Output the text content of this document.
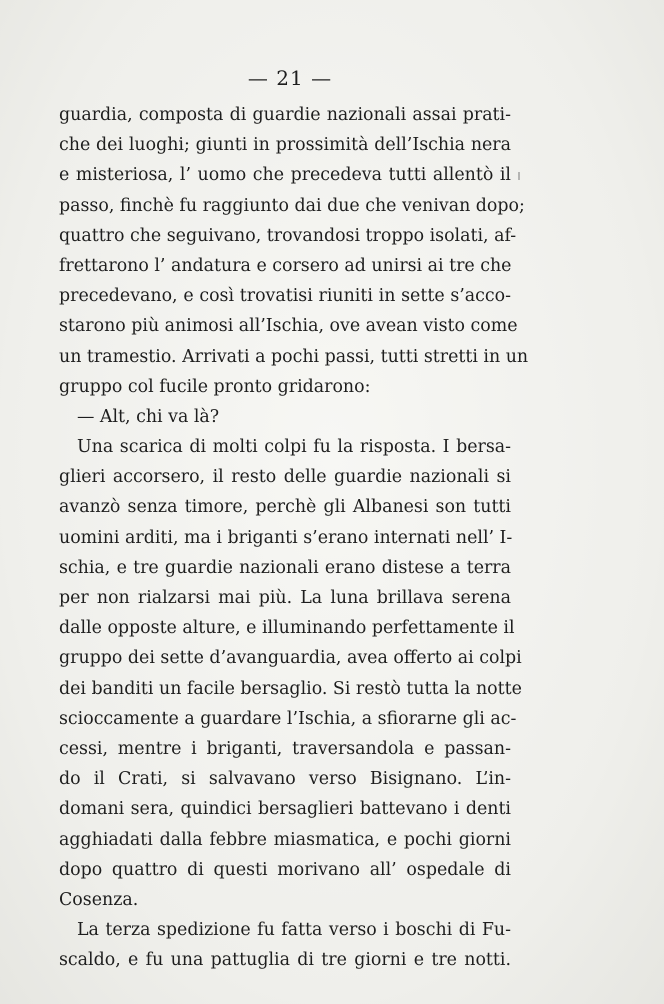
— 21 —
guardia, composta di guardie nazionali assai prati-
che dei luoghi; giunti in prossimità dell’Ischia nera
e misteriosa, l’ uomo che precedeva tutti allentò il
passo, finchè fu raggiunto dai due che venivan dopo;
quattro che seguivano, trovandosi troppo isolati, af-
frettarono l’ andatura e corsero ad unirsi ai tre che
precedevano, e così trovatisi riuniti in sette s’acco-
starono più animosi all’Ischia, ove avean visto come
un tramestio. Arrivati a pochi passi, tutti stretti in un
gruppo col fucile pronto gridarono:
— Alt, chi va là?
Una scarica di molti colpi fu la risposta. I bersa-
glieri accorsero, il resto delle guardie nazionali si
avanzò senza timore, perchè gli Albanesi son tutti
uomini arditi, ma i briganti s’erano internati nell’ I-
schia, e tre guardie nazionali erano distese a terra
per non rialzarsi mai più. La luna brillava serena
dalle opposte alture, e illuminando perfettamente il
gruppo dei sette d’avanguardia, avea offerto ai colpi
dei banditi un facile bersaglio. Si restò tutta la notte
scioccamente a guardare l’Ischia, a sfiorarne gli ac-
cessi, mentre i briganti, traversandola e passan-
do il Crati, si salvavano verso Bisignano. L’in-
domani sera, quindici bersaglieri battevano i denti
agghiadati dalla febbre miasmatica, e pochi giorni
dopo quattro di questi morivano all’ ospedale di
Cosenza.
La terza spedizione fu fatta verso i boschi di Fu-
scaldo, e fu una pattuglia di tre giorni e tre notti.
